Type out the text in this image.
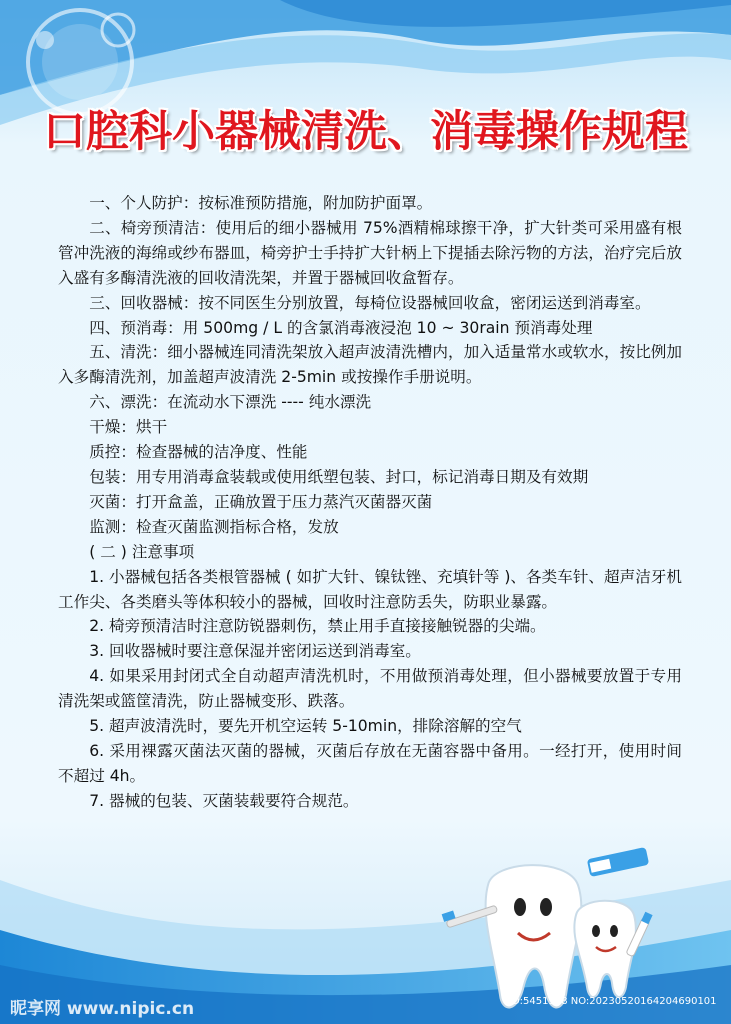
口腔科小器械清洗、消毒操作规程

一、个人防护：按标准预防措施，附加防护面罩。

二、椅旁预清洁：使用后的细小器械用 75%酒精棉球擦干净，扩大针类可采用盛有根管冲洗液的海绵或纱布器皿，椅旁护士手持扩大针柄上下提插去除污物的方法，治疗完后放入盛有多酶清洗液的回收清洗架，并置于器械回收盒暂存。

三、回收器械：按不同医生分别放置，每椅位设器械回收盒，密闭运送到消毒室。

四、预消毒：用 500mg / L 的含氯消毒液浸泡 10 ~ 30rain 预消毒处理

五、清洗：细小器械连同清洗架放入超声波清洗槽内，加入适量常水或软水，按比例加入多酶清洗剂，加盖超声波清洗 2-5min 或按操作手册说明。

六、漂洗：在流动水下漂洗 ---- 纯水漂洗

干燥：烘干

质控：检查器械的洁净度、性能

包装：用专用消毒盒装载或使用纸塑包装、封口，标记消毒日期及有效期

灭菌：打开盒盖，正确放置于压力蒸汽灭菌器灭菌

监测：检查灭菌监测指标合格，发放

( 二 ) 注意事项

1. 小器械包括各类根管器械 ( 如扩大针、镍钛锉、充填针等 )、各类车针、超声洁牙机工作尖、各类磨头等体积较小的器械，回收时注意防丢失，防职业暴露。

2. 椅旁预清洁时注意防锐器刺伤，禁止用手直接接触锐器的尖端。

3. 回收器械时要注意保湿并密闭运送到消毒室。

4. 如果采用封闭式全自动超声清洗机时，不用做预消毒处理，但小器械要放置于专用清洗架或篮筐清洗，防止器械变形、跌落。

5. 超声波清洗时，要先开机空运转 5-10min，排除溶解的空气

6. 采用裸露灭菌法灭菌的器械，灭菌后存放在无菌容器中备用。一经打开，使用时间不超过 4h。

7. 器械的包装、灭菌装载要符合规范。

昵享网 www.nipic.cn	ID:5451928 NO:20230520164204690101
